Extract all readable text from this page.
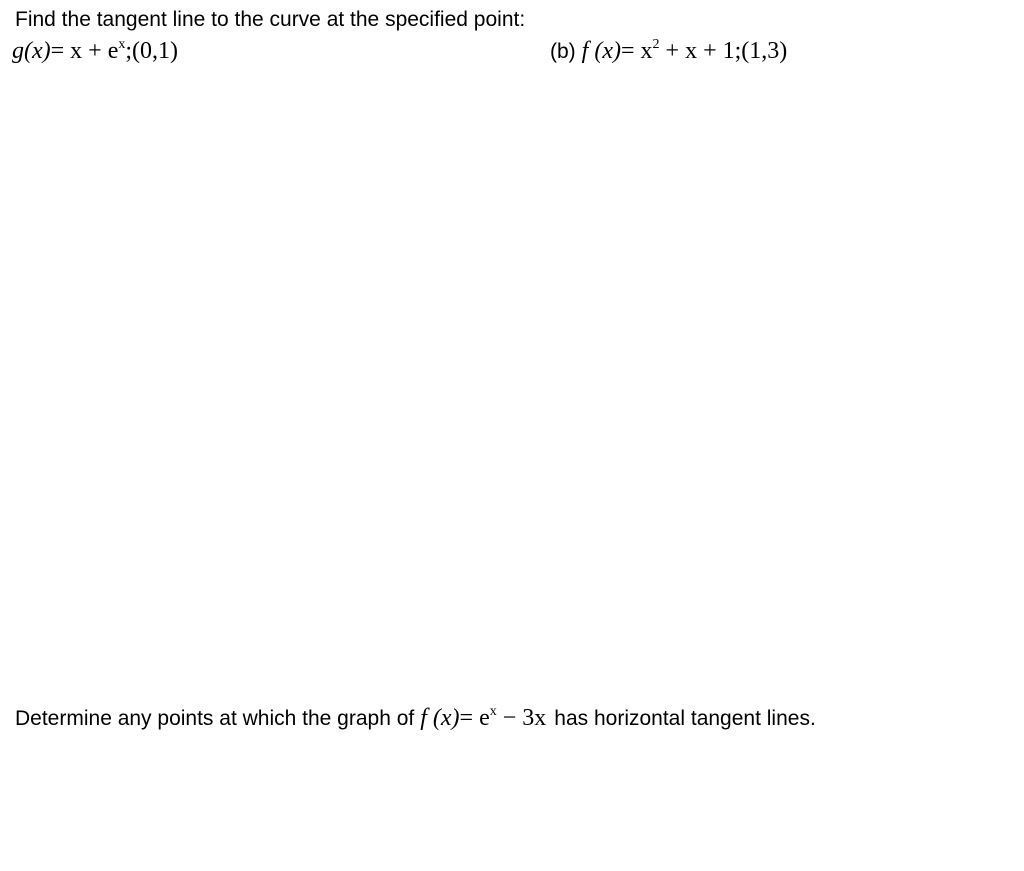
Find the tangent line to the curve at the specified point:
$g(x)= x + e^x;(0,1)$	(b) f $(x)= x^2 + x$ + 1;(1,3)
Determine any points at which the graph of f $(x)= e^x - 3x$ has horizontal tangent lines.
